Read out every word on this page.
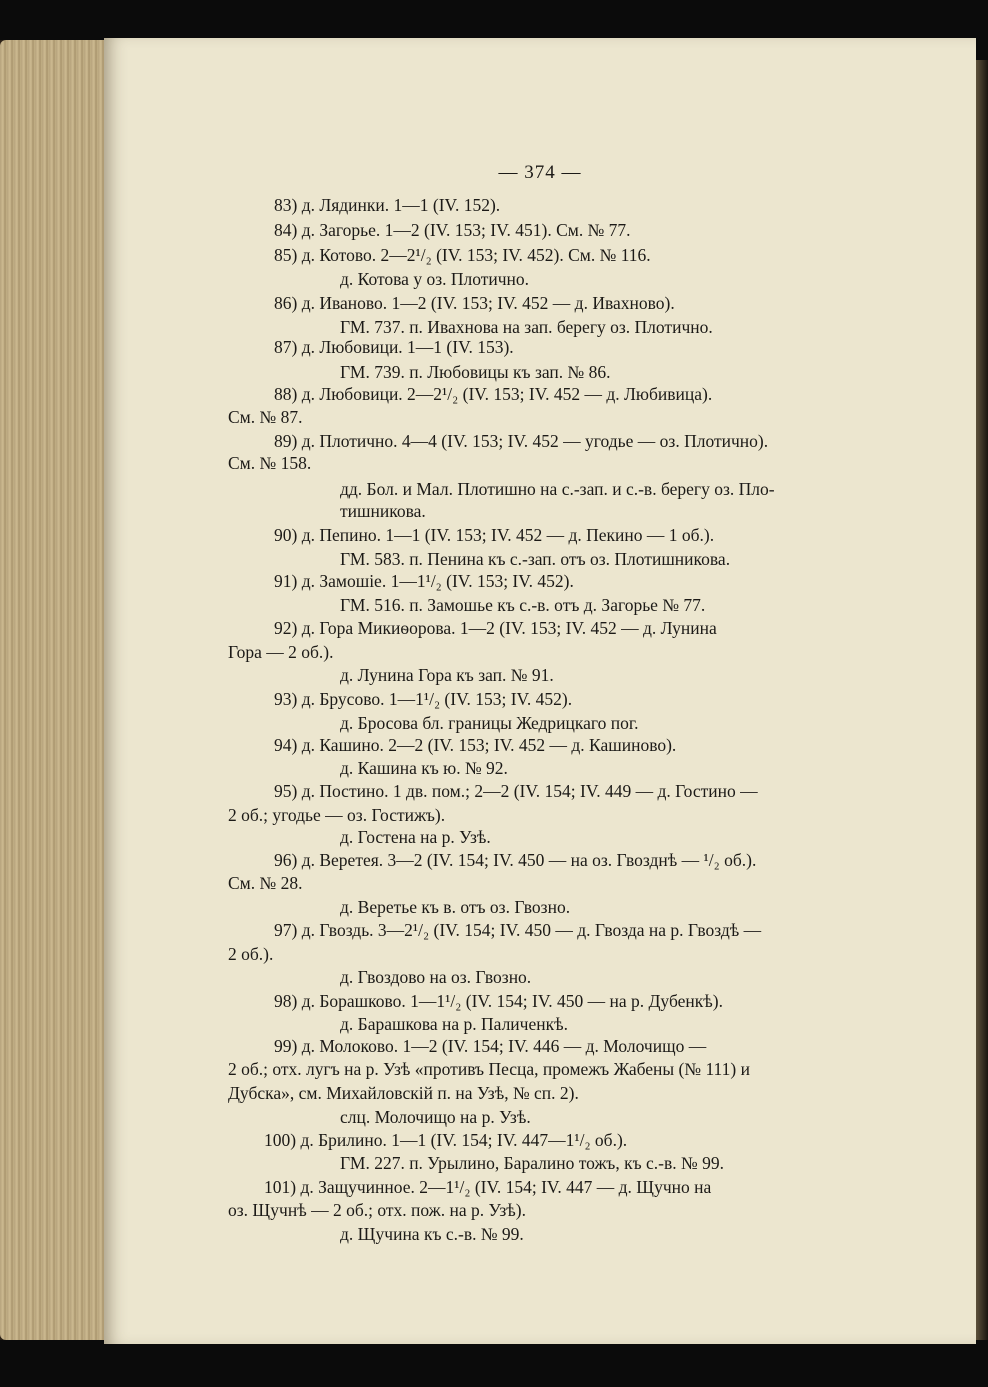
— 374 —
83) д. Лядинки. 1—1 (IV. 152).
84) д. Загорье. 1—2 (IV. 153; IV. 451). См. № 77.
85) д. Котово. 2—2¹/₂ (IV. 153; IV. 452). См. № 116.
д. Котова у оз. Плотично.
86) д. Иваново. 1—2 (IV. 153; IV. 452 — д. Ивахново).
ГМ. 737. п. Ивахнова на зап. берегу оз. Плотично.
87) д. Любовици. 1—1 (IV. 153).
ГМ. 739. п. Любовицы къ зап. № 86.
88) д. Любовици. 2—2¹/₂ (IV. 153; IV. 452 — д. Любивица).
См. № 87.
89) д. Плотично. 4—4 (IV. 153; IV. 452 — угодье — оз. Плотично).
См. № 158.
дд. Бол. и Мал. Плотишно на с.-зап. и с.-в. берегу оз. Пло-
тишникова.
90) д. Пепино. 1—1 (IV. 153; IV. 452 — д. Пекино — 1 об.).
ГМ. 583. п. Пенина къ с.-зап. отъ оз. Плотишникова.
91) д. Замошіе. 1—1¹/₂ (IV. 153; IV. 452).
ГМ. 516. п. Замошье къ с.-в. отъ д. Загорье № 77.
92) д. Гора Микиѳорова. 1—2 (IV. 153; IV. 452 — д. Лунина
Гора — 2 об.).
д. Лунина Гора къ зап. № 91.
93) д. Брусово. 1—1¹/₂ (IV. 153; IV. 452).
д. Бросова бл. границы Жедрицкаго пог.
94) д. Кашино. 2—2 (IV. 153; IV. 452 — д. Кашиново).
д. Кашина къ ю. № 92.
95) д. Постино. 1 дв. пом.; 2—2 (IV. 154; IV. 449 — д. Гостино —
2 об.; угодье — оз. Гостижъ).
д. Гостена на р. Узѣ.
96) д. Веретея. 3—2 (IV. 154; IV. 450 — на оз. Гвозднѣ — ¹/₂ об.).
См. № 28.
д. Веретье къ в. отъ оз. Гвозно.
97) д. Гвоздь. 3—2¹/₂ (IV. 154; IV. 450 — д. Гвозда на р. Гвоздѣ —
2 об.).
д. Гвоздово на оз. Гвозно.
98) д. Борашково. 1—1¹/₂ (IV. 154; IV. 450 — на р. Дубенкѣ).
д. Барашкова на р. Паличенкѣ.
99) д. Молоково. 1—2 (IV. 154; IV. 446 — д. Молочищо —
2 об.; отх. лугъ на р. Узѣ «противъ Песца, промежъ Жабены (№ 111) и
Дубска», см. Михайловскій п. на Узѣ, № сп. 2).
слц. Молочищо на р. Узѣ.
100) д. Брилино. 1—1 (IV. 154; IV. 447—1¹/₂ об.).
ГМ. 227. п. Урылино, Баралино тожъ, къ с.-в. № 99.
101) д. Защучинное. 2—1¹/₂ (IV. 154; IV. 447 — д. Щучно на
оз. Щучнѣ — 2 об.; отх. пож. на р. Узѣ).
д. Щучина къ с.-в. № 99.
